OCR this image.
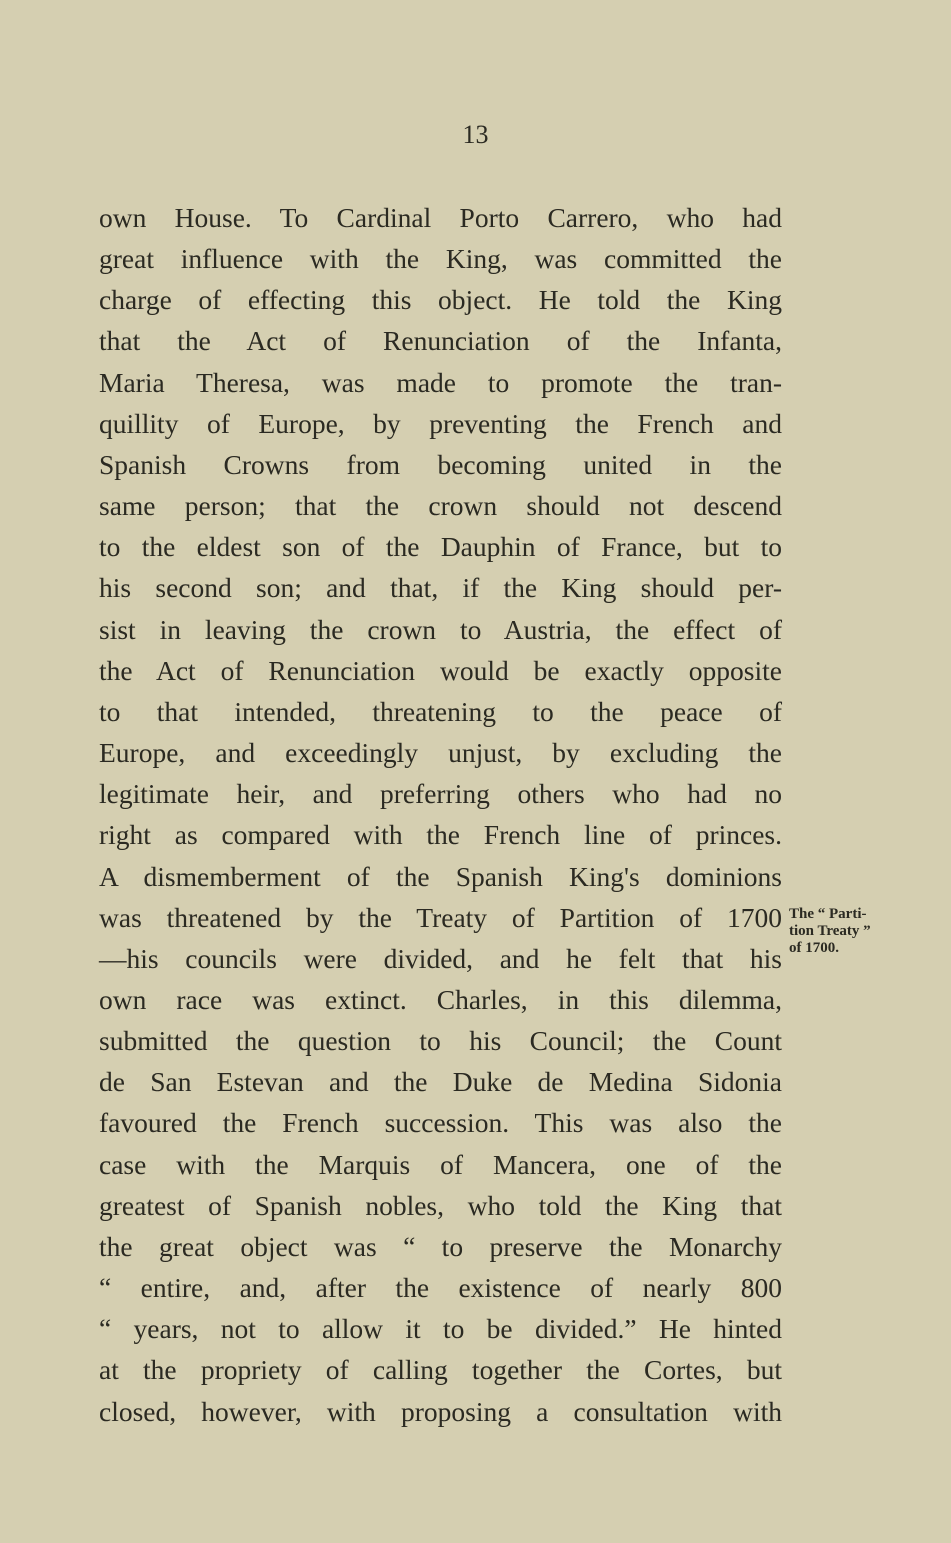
13
own House. To Cardinal Porto Carrero, who had
great influence with the King, was committed the
charge of effecting this object. He told the King
that the Act of Renunciation of the Infanta,
Maria Theresa, was made to promote the tran-
quillity of Europe, by preventing the French and
Spanish Crowns from becoming united in the
same person; that the crown should not descend
to the eldest son of the Dauphin of France, but to
his second son; and that, if the King should per-
sist in leaving the crown to Austria, the effect of
the Act of Renunciation would be exactly opposite
to that intended, threatening to the peace of
Europe, and exceedingly unjust, by excluding the
legitimate heir, and preferring others who had no
right as compared with the French line of princes.
A dismemberment of the Spanish King's dominions
was threatened by the Treaty of Partition of 1700
—his councils were divided, and he felt that his
own race was extinct. Charles, in this dilemma,
submitted the question to his Council; the Count
de San Estevan and the Duke de Medina Sidonia
favoured the French succession. This was also the
case with the Marquis of Mancera, one of the
greatest of Spanish nobles, who told the King that
the great object was “ to preserve the Monarchy
“ entire, and, after the existence of nearly 800
“ years, not to allow it to be divided.” He hinted
at the propriety of calling together the Cortes, but
closed, however, with proposing a consultation with
The “ Parti-
tion Treaty ”
of 1700.
